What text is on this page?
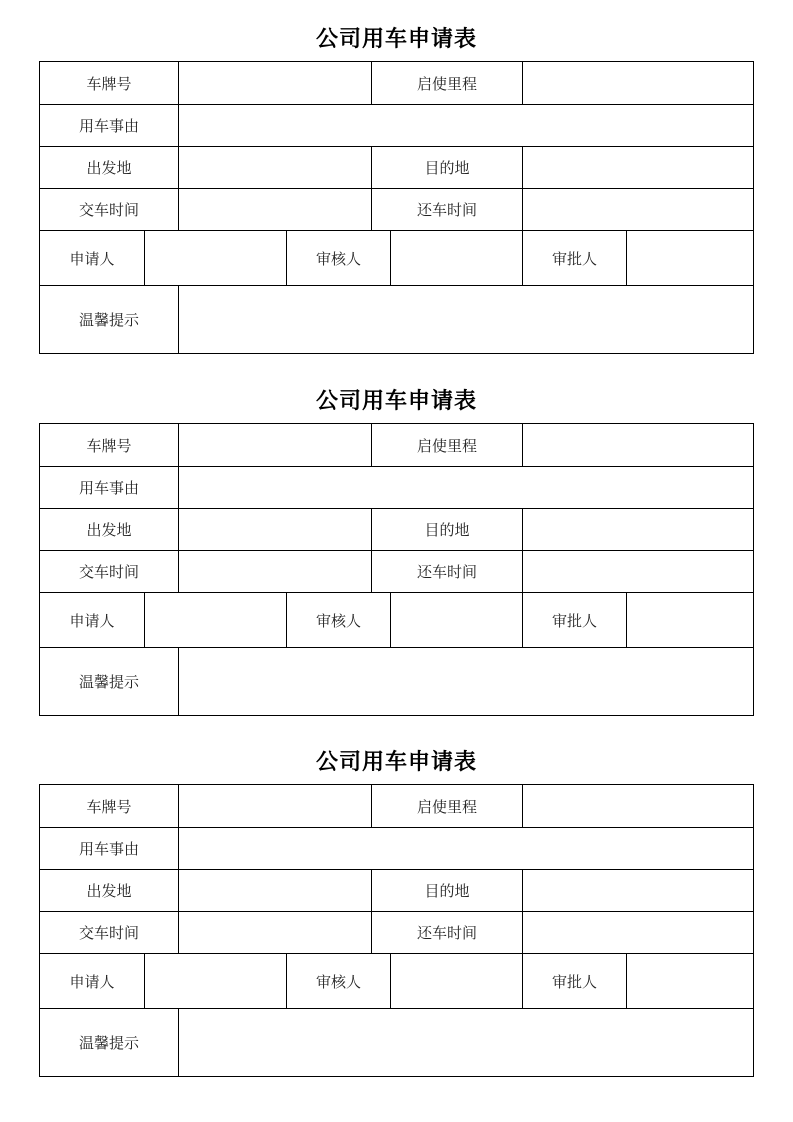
公司用车申请表
车牌号	启使里程
用车事由
出发地	目的地
交车时间	还车时间
申请人	审核人	审批人
温馨提示
公司用车申请表
车牌号	启使里程
用车事由
出发地	目的地
交车时间	还车时间
申请人	审核人	审批人
温馨提示
公司用车申请表
车牌号	启使里程
用车事由
出发地	目的地
交车时间	还车时间
申请人	审核人	审批人
温馨提示
